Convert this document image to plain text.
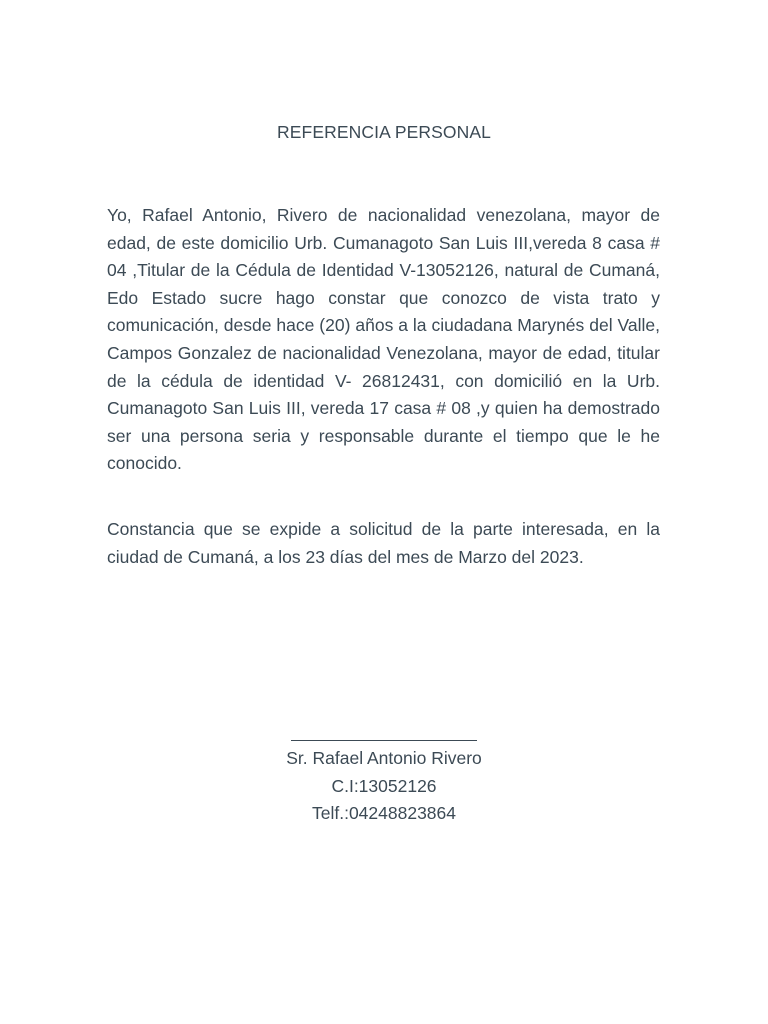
REFERENCIA PERSONAL

Yo, Rafael Antonio, Rivero de nacionalidad venezolana, mayor de edad, de este domicilio Urb. Cumanagoto San Luis III,vereda 8 casa # 04 ,Titular de la Cédula de Identidad V-13052126, natural de Cumaná, Edo Estado sucre hago constar que conozco de vista trato y comunicación, desde hace (20) años a la ciudadana Marynés del Valle, Campos Gonzalez de nacionalidad Venezolana, mayor de edad, titular de la cédula de identidad V- 26812431, con domicilió en la Urb. Cumanagoto San Luis III, vereda 17 casa # 08 ,y quien ha demostrado ser una persona seria y responsable durante el tiempo que le he conocido.

Constancia que se expide a solicitud de la parte interesada, en la ciudad de Cumaná, a los 23 días del mes de Marzo del 2023.

Sr. Rafael Antonio Rivero
C.I:13052126
Telf.:04248823864
